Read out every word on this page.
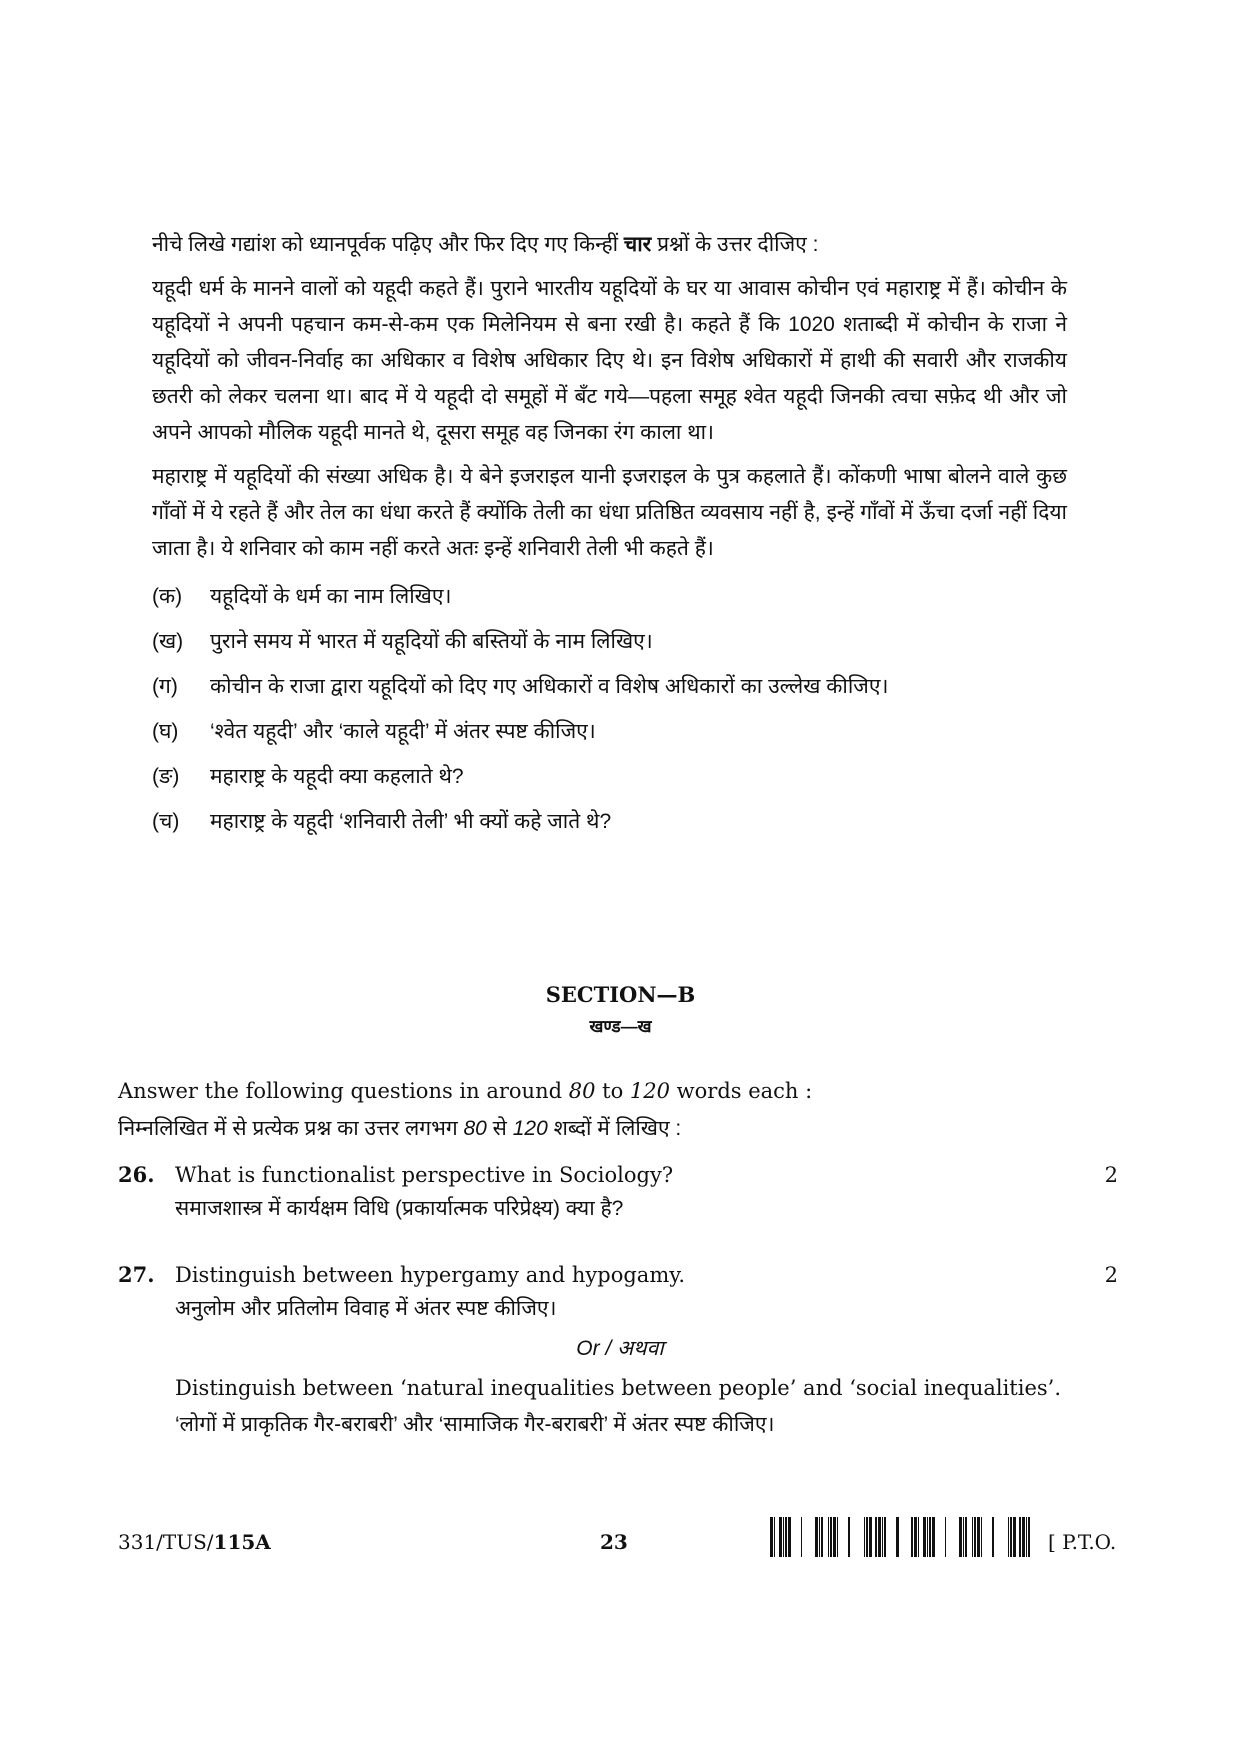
नीचे लिखे गद्यांश को ध्यानपूर्वक पढ़िए और फिर दिए गए किन्हीं चार प्रश्नों के उत्तर दीजिए :

यहूदी धर्म के मानने वालों को यहूदी कहते हैं। पुराने भारतीय यहूदियों के घर या आवास कोचीन एवं महाराष्ट्र में हैं। कोचीन के यहूदियों ने अपनी पहचान कम-से-कम एक मिलेनियम से बना रखी है। कहते हैं कि 1020 शताब्दी में कोचीन के राजा ने यहूदियों को जीवन-निर्वाह का अधिकार व विशेष अधिकार दिए थे। इन विशेष अधिकारों में हाथी की सवारी और राजकीय छतरी को लेकर चलना था। बाद में ये यहूदी दो समूहों में बँट गये—पहला समूह श्वेत यहूदी जिनकी त्वचा सफ़ेद थी और जो अपने आपको मौलिक यहूदी मानते थे, दूसरा समूह वह जिनका रंग काला था।

महाराष्ट्र में यहूदियों की संख्या अधिक है। ये बेने इजराइल यानी इजराइल के पुत्र कहलाते हैं। कोंकणी भाषा बोलने वाले कुछ गाँवों में ये रहते हैं और तेल का धंधा करते हैं क्योंकि तेली का धंधा प्रतिष्ठित व्यवसाय नहीं है, इन्हें गाँवों में ऊँचा दर्जा नहीं दिया जाता है। ये शनिवार को काम नहीं करते अतः इन्हें शनिवारी तेली भी कहते हैं।

(क)	यहूदियों के धर्म का नाम लिखिए।
(ख)	पुराने समय में भारत में यहूदियों की बस्तियों के नाम लिखिए।
(ग)	कोचीन के राजा द्वारा यहूदियों को दिए गए अधिकारों व विशेष अधिकारों का उल्लेख कीजिए।
(घ)	‘श्वेत यहूदी’ और ‘काले यहूदी’ में अंतर स्पष्ट कीजिए।
(ङ)	महाराष्ट्र के यहूदी क्या कहलाते थे?
(च)	महाराष्ट्र के यहूदी ‘शनिवारी तेली’ भी क्यों कहे जाते थे?
SECTION—B
खण्ड—ख
Answer the following questions in around 80 to 120 words each :
निम्नलिखित में से प्रत्येक प्रश्न का उत्तर लगभग 80 से 120 शब्दों में लिखिए :
26.	2
What is functionalist perspective in Sociology?
समाजशास्त्र में कार्यक्षम विधि (प्रकार्यात्मक परिप्रेक्ष्य) क्या है?
27.	2
Distinguish between hypergamy and hypogamy.
अनुलोम और प्रतिलोम विवाह में अंतर स्पष्ट कीजिए।
Or / अथवा
Distinguish between ‘natural inequalities between people’ and ‘social inequalities’.
‘लोगों में प्राकृतिक गैर-बराबरी’ और ‘सामाजिक गैर-बराबरी’ में अंतर स्पष्ट कीजिए।
331/TUS/115A	23	[ P.T.O.
